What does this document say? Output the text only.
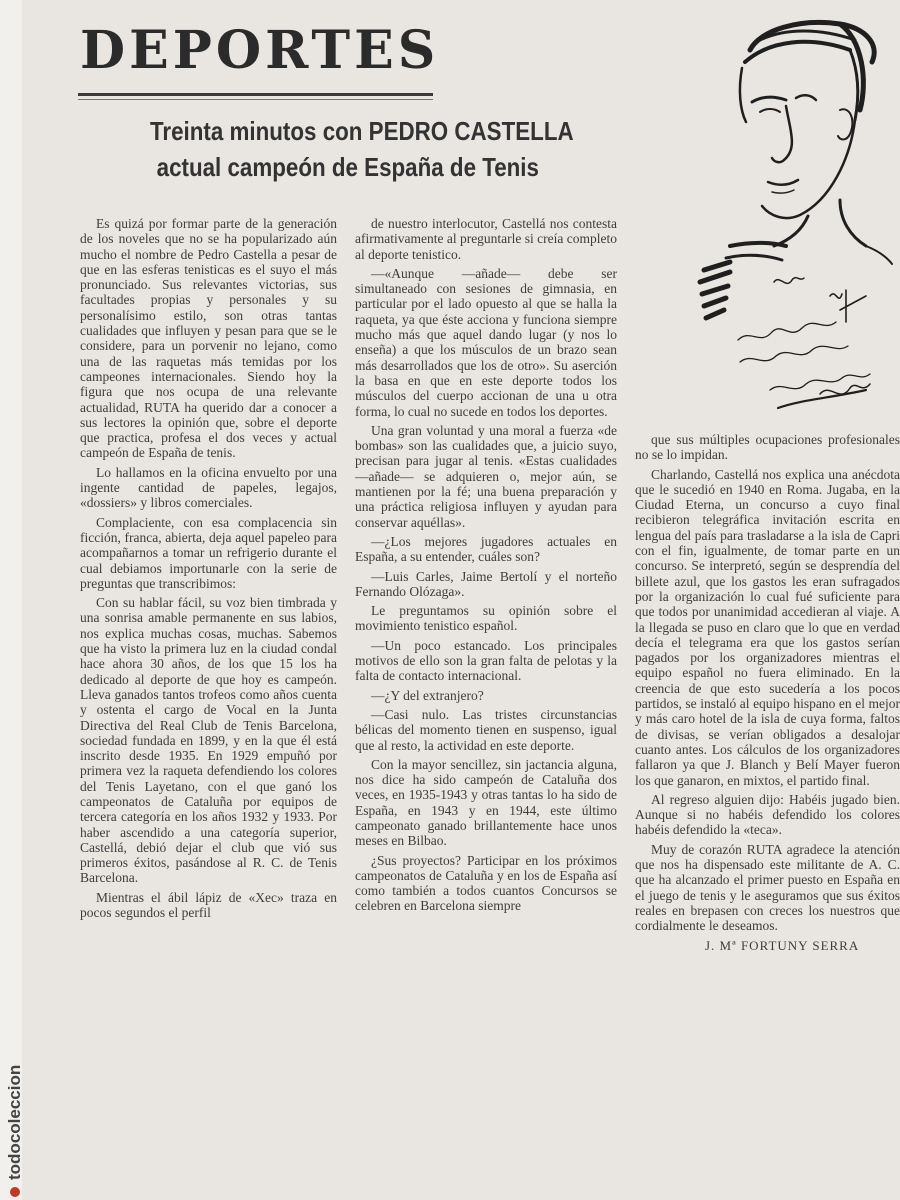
todocoleccion
DEPORTES
Treinta minutos con PEDRO CASTELLA
actual campeón de España de Tenis

Es quizá por formar parte de la generación de los noveles que no se ha popularizado aún mucho el nombre de Pedro Castella a pesar de que en las esferas tenisticas es el suyo el más pronunciado. Sus relevantes victorias, sus facultades propias y personales y su personalísimo estilo, son otras tantas cualidades que influyen y pesan para que se le considere, para un porvenir no lejano, como una de las raquetas más temidas por los campeones internacionales. Siendo hoy la figura que nos ocupa de una relevante actualidad, RUTA ha querido dar a conocer a sus lectores la opinión que, sobre el deporte que practica, profesa el dos veces y actual campeón de España de tenis.

Lo hallamos en la oficina envuelto por una ingente cantidad de papeles, legajos, «dossiers» y libros comerciales.

Complaciente, con esa complacencia sin ficción, franca, abierta, deja aquel papeleo para acompañarnos a tomar un refrigerio durante el cual debiamos importunarle con la serie de preguntas que transcribimos:

Con su hablar fácil, su voz bien timbrada y una sonrisa amable permanente en sus labios, nos explica muchas cosas, muchas. Sabemos que ha visto la primera luz en la ciudad condal hace ahora 30 años, de los que 15 los ha dedicado al deporte de que hoy es campeón. Lleva ganados tantos trofeos como años cuenta y ostenta el cargo de Vocal en la Junta Directiva del Real Club de Tenis Barcelona, sociedad fundada en 1899, y en la que él está inscrito desde 1935. En 1929 empuñó por primera vez la raqueta defendiendo los colores del Tenis Layetano, con el que ganó los campeonatos de Cataluña por equipos de tercera categoría en los años 1932 y 1933. Por haber ascendido a una categoría superior, Castellá, debió dejar el club que vió sus primeros éxitos, pasándose al R. C. de Tenis Barcelona.

Mientras el ábil lápiz de «Xec» traza en pocos segundos el perfil

de nuestro interlocutor, Castellá nos contesta afirmativamente al preguntarle si creía completo al deporte tenistico.

—«Aunque —añade— debe ser simultaneado con sesiones de gimnasia, en particular por el lado opuesto al que se halla la raqueta, ya que éste acciona y funciona siempre mucho más que aquel dando lugar (y nos lo enseña) a que los músculos de un brazo sean más desarrollados que los de otro». Su aserción la basa en que en este deporte todos los músculos del cuerpo accionan de una u otra forma, lo cual no sucede en todos los deportes.

Una gran voluntad y una moral a fuerza «de bombas» son las cualidades que, a juicio suyo, precisan para jugar al tenis. «Estas cualidades —añade— se adquieren o, mejor aún, se mantienen por la fé; una buena preparación y una práctica religiosa influyen y ayudan para conservar aquéllas».

—¿Los mejores jugadores actuales en España, a su entender, cuáles son?

—Luis Carles, Jaime Bertolí y el norteño Fernando Olózaga».

Le preguntamos su opinión sobre el movimiento tenistico español.

—Un poco estancado. Los principales motivos de ello son la gran falta de pelotas y la falta de contacto internacional.

—¿Y del extranjero?

—Casi nulo. Las tristes circunstancias bélicas del momento tienen en suspenso, igual que al resto, la actividad en este deporte.

Con la mayor sencillez, sin jactancia alguna, nos dice ha sido campeón de Cataluña dos veces, en 1935-1943 y otras tantas lo ha sido de España, en 1943 y en 1944, este último campeonato ganado brillantemente hace unos meses en Bilbao.

¿Sus proyectos? Participar en los próximos campeonatos de Cataluña y en los de España así como también a todos cuantos Concursos se celebren en Barcelona siempre

que sus múltiples ocupaciones profesionales no se lo impidan.

Charlando, Castellá nos explica una anécdota que le sucedió en 1940 en Roma. Jugaba, en la Ciudad Eterna, un concurso a cuyo final recibieron telegráfica invitación escrita en lengua del país para trasladarse a la isla de Capri con el fin, igualmente, de tomar parte en un concurso. Se interpretó, según se desprendía del billete azul, que los gastos les eran sufragados por la organización lo cual fué suficiente para que todos por unanimidad accedieran al viaje. A la llegada se puso en claro que lo que en verdad decía el telegrama era que los gastos serían pagados por los organizadores mientras el equipo español no fuera eliminado. En la creencia de que esto sucedería a los pocos partidos, se instaló al equipo hispano en el mejor y más caro hotel de la isla de cuya forma, faltos de divisas, se verían obligados a desalojar cuanto antes. Los cálculos de los organizadores fallaron ya que J. Blanch y Belí Mayer fueron los que ganaron, en mixtos, el partido final.

Al regreso alguien dijo: Habéis jugado bien. Aunque si no habéis defendido los colores habéis defendido la «teca».

Muy de corazón RUTA agradece la atención que nos ha dispensado este militante de A. C. que ha alcanzado el primer puesto en España en el juego de tenis y le aseguramos que sus éxitos reales en brepasen con creces los nuestros que cordialmente le deseamos.

J. Mª FORTUNY SERRA
